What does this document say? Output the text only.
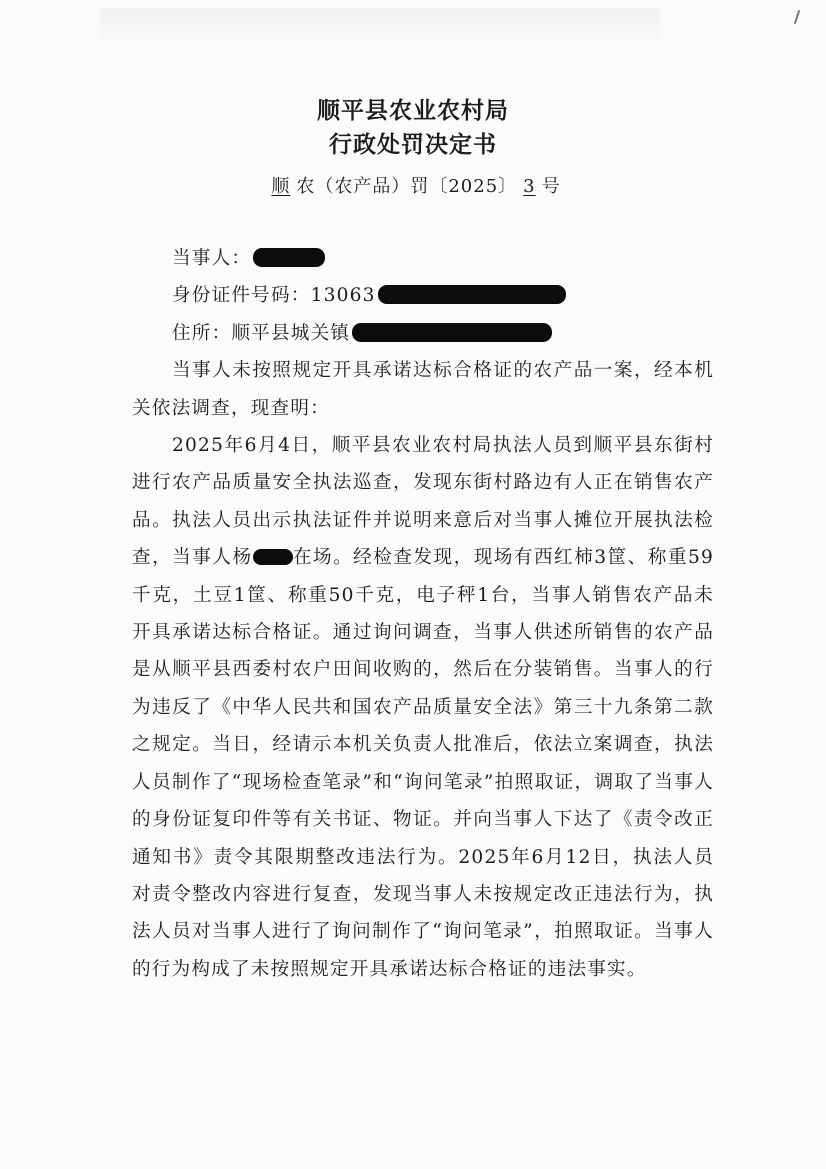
顺平县农业农村局
行政处罚决定书
顺 农（农产品）罚〔2025〕 3 号
当事人：
身份证件号码：13063
住所：顺平县城关镇
当事人未按照规定开具承诺达标合格证的农产品一案，经本机关依法调查，现查明：
2025年6月4日，顺平县农业农村局执法人员到顺平县东街村进行农产品质量安全执法巡查，发现东街村路边有人正在销售农产品。执法人员出示执法证件并说明来意后对当事人摊位开展执法检查，当事人杨 在场。经检查发现，现场有西红柿3筐、称重59千克，土豆1筐、称重50千克，电子秤1台，当事人销售农产品未开具承诺达标合格证。通过询问调查，当事人供述所销售的农产品是从顺平县西委村农户田间收购的，然后在分装销售。当事人的行为违反了《中华人民共和国农产品质量安全法》第三十九条第二款之规定。当日，经请示本机关负责人批准后，依法立案调查，执法人员制作了“现场检查笔录”和“询问笔录”拍照取证，调取了当事人的身份证复印件等有关书证、物证。并向当事人下达了《责令改正通知书》责令其限期整改违法行为。2025年6月12日，执法人员对责令整改内容进行复查，发现当事人未按规定改正违法行为，执法人员对当事人进行了询问制作了“询问笔录”，拍照取证。当事人的行为构成了未按照规定开具承诺达标合格证的违法事实。
